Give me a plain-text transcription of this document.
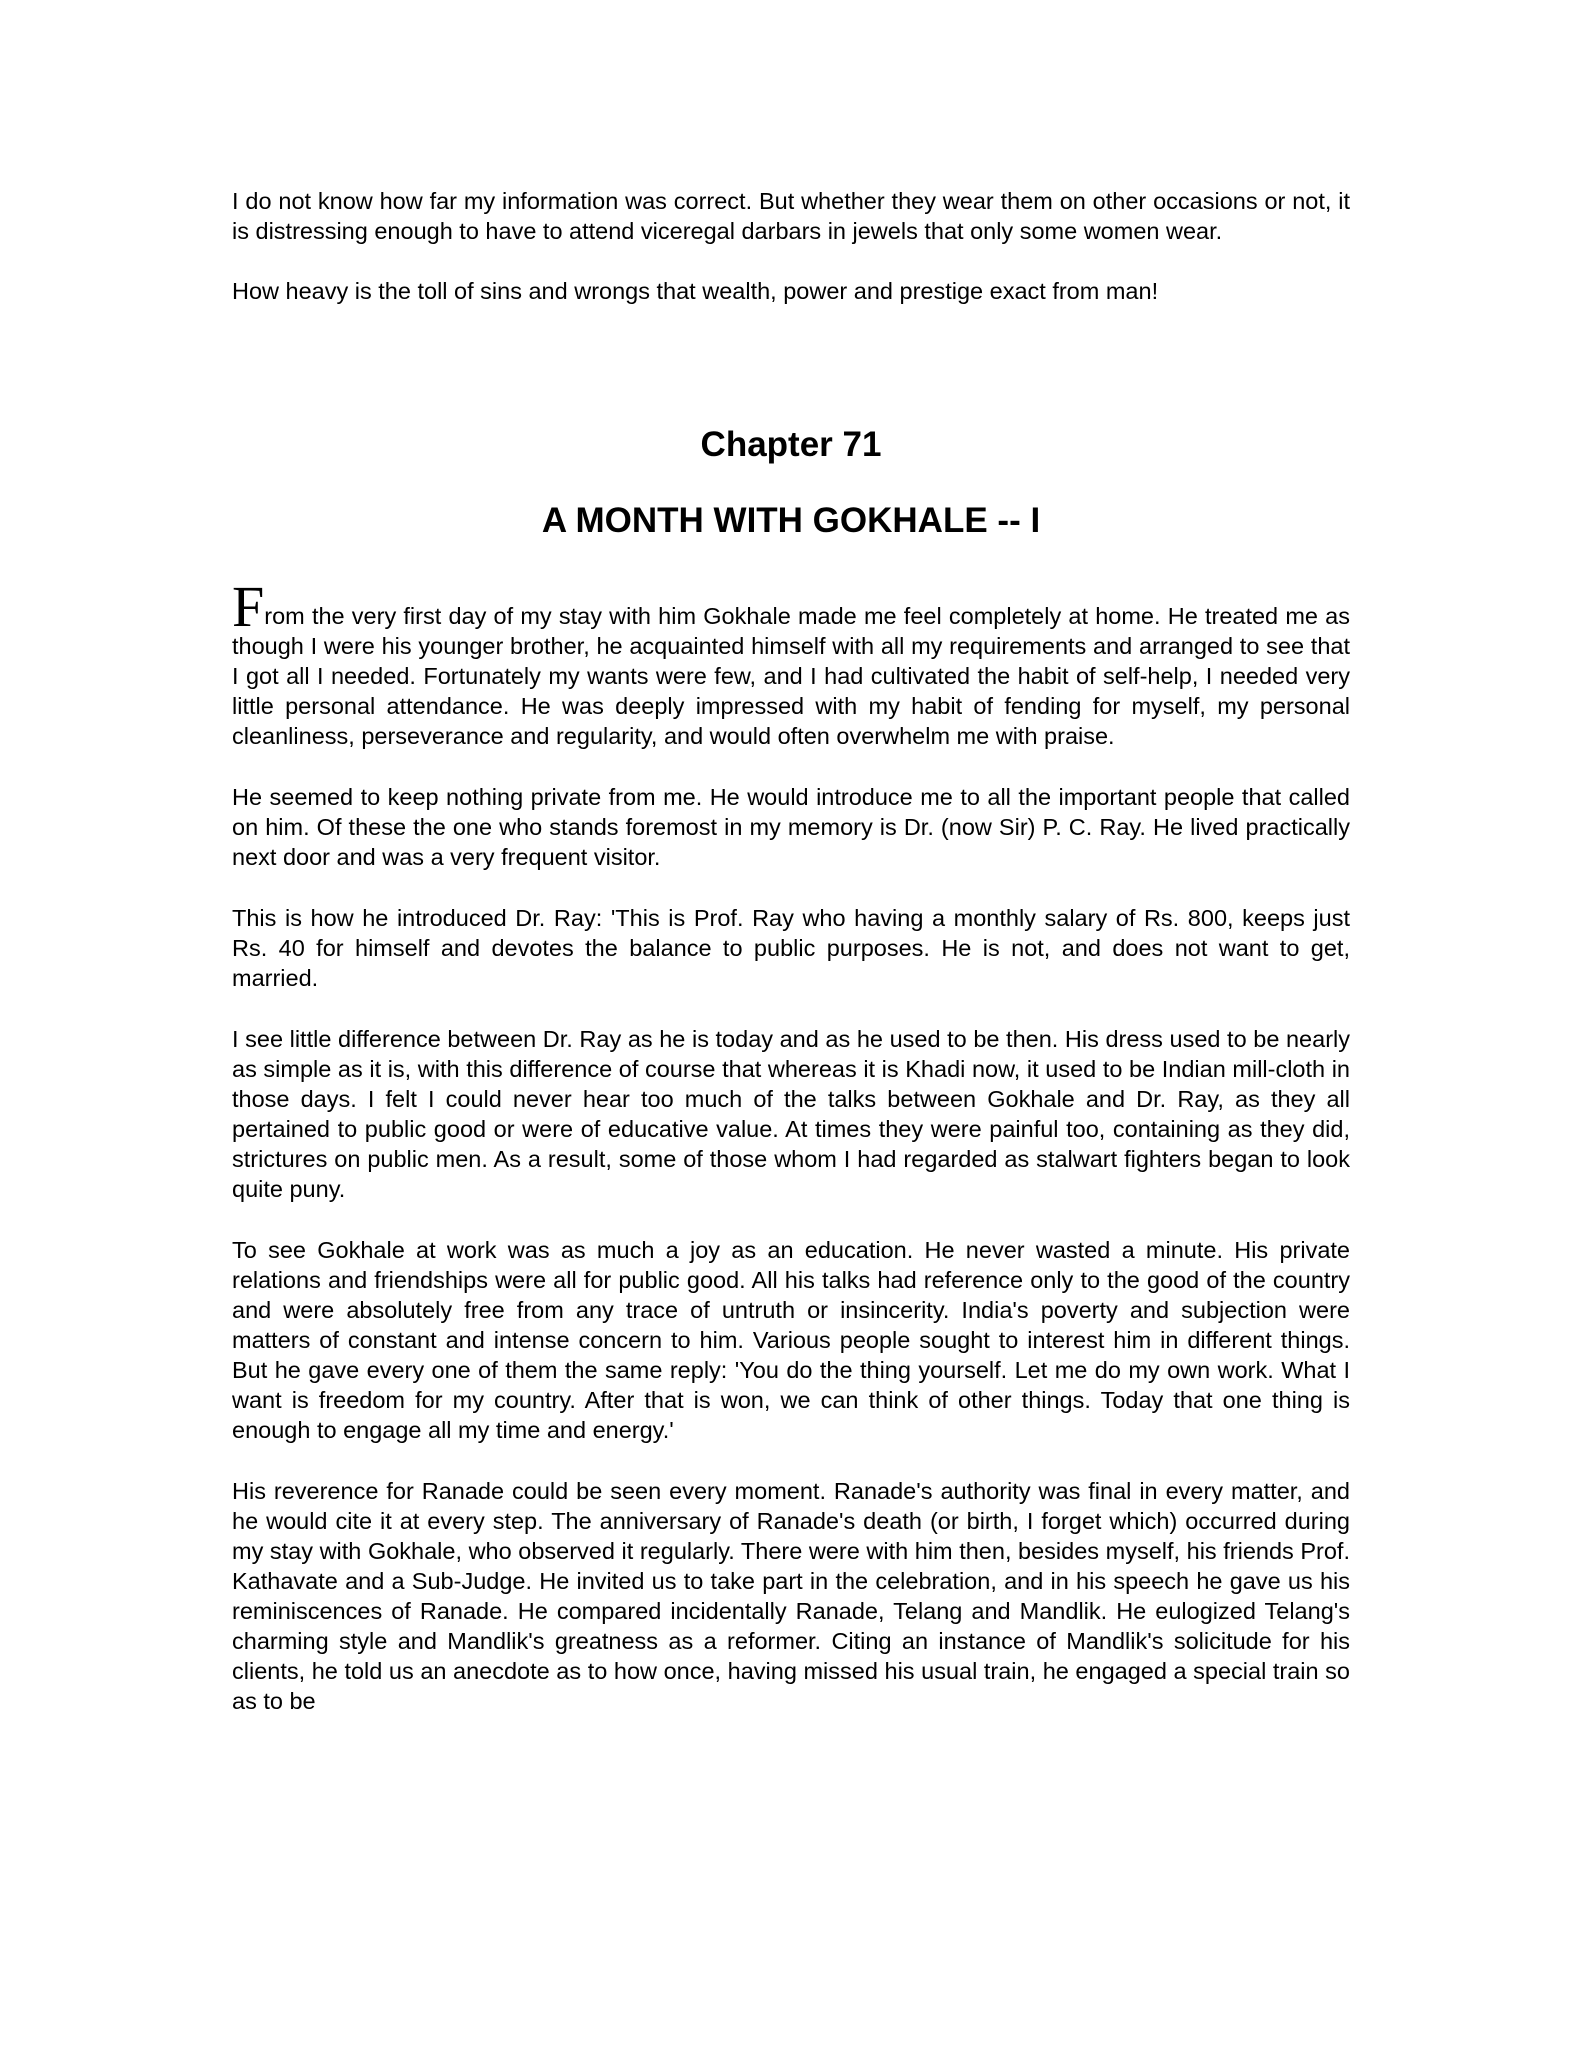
I do not know how far my information was correct. But whether they wear them on other occasions or not, it is distressing enough to have to attend viceregal darbars in jewels that only some women wear.

How heavy is the toll of sins and wrongs that wealth, power and prestige exact from man!

Chapter 71
A MONTH WITH GOKHALE -- I

From the very first day of my stay with him Gokhale made me feel completely at home. He treated me as though I were his younger brother, he acquainted himself with all my requirements and arranged to see that I got all I needed. Fortunately my wants were few, and I had cultivated the habit of self-help, I needed very little personal attendance. He was deeply impressed with my habit of fending for myself, my personal cleanliness, perseverance and regularity, and would often overwhelm me with praise.

He seemed to keep nothing private from me. He would introduce me to all the important people that called on him. Of these the one who stands foremost in my memory is Dr. (now Sir) P. C. Ray. He lived practically next door and was a very frequent visitor.

This is how he introduced Dr. Ray: 'This is Prof. Ray who having a monthly salary of Rs. 800, keeps just Rs. 40 for himself and devotes the balance to public purposes. He is not, and does not want to get, married.

I see little difference between Dr. Ray as he is today and as he used to be then. His dress used to be nearly as simple as it is, with this difference of course that whereas it is Khadi now, it used to be Indian mill-cloth in those days. I felt I could never hear too much of the talks between Gokhale and Dr. Ray, as they all pertained to public good or were of educative value. At times they were painful too, containing as they did, strictures on public men. As a result, some of those whom I had regarded as stalwart fighters began to look quite puny.

To see Gokhale at work was as much a joy as an education. He never wasted a minute. His private relations and friendships were all for public good. All his talks had reference only to the good of the country and were absolutely free from any trace of untruth or insincerity. India's poverty and subjection were matters of constant and intense concern to him. Various people sought to interest him in different things. But he gave every one of them the same reply: 'You do the thing yourself. Let me do my own work. What I want is freedom for my country. After that is won, we can think of other things. Today that one thing is enough to engage all my time and energy.'

His reverence for Ranade could be seen every moment. Ranade's authority was final in every matter, and he would cite it at every step. The anniversary of Ranade's death (or birth, I forget which) occurred during my stay with Gokhale, who observed it regularly. There were with him then, besides myself, his friends Prof. Kathavate and a Sub-Judge. He invited us to take part in the celebration, and in his speech he gave us his reminiscences of Ranade. He compared incidentally Ranade, Telang and Mandlik. He eulogized Telang's charming style and Mandlik's greatness as a reformer. Citing an instance of Mandlik's solicitude for his clients, he told us an anecdote as to how once, having missed his usual train, he engaged a special train so as to be
